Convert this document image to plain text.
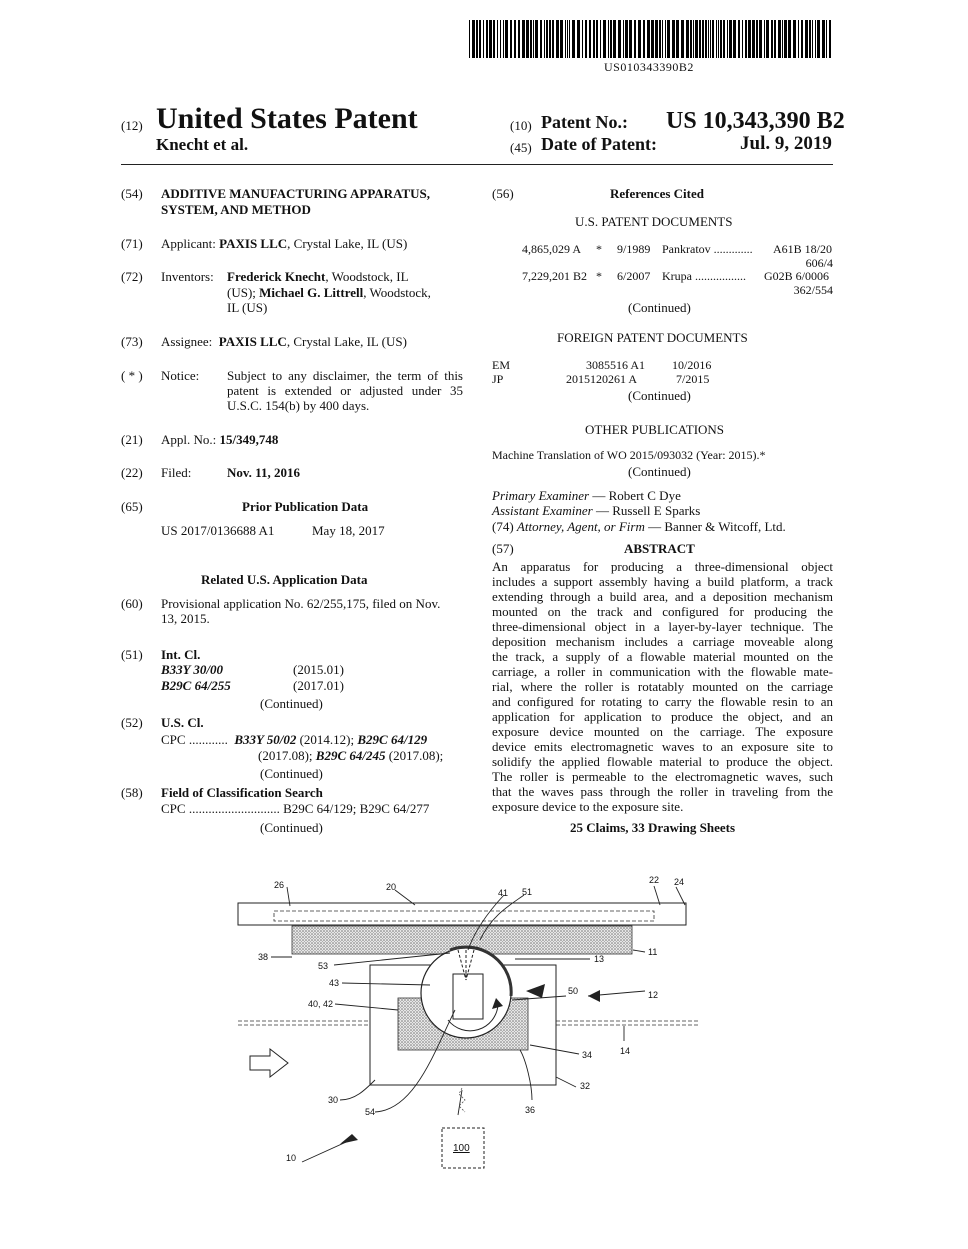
US010343390B2
(12) United States Patent
Knecht et al.
(10) Patent No.: US 10,343,390 B2
(45) Date of Patent:	Jul. 9, 2019
(54) ADDITIVE MANUFACTURING APPARATUS,
SYSTEM, AND METHOD
(71) Applicant: PAXIS LLC, Crystal Lake, IL (US)
(72) Inventors: Frederick Knecht, Woodstock, IL
(US); Michael G. Littrell, Woodstock,
IL (US)
(73) Assignee: PAXIS LLC, Crystal Lake, IL (US)
( * ) Notice: Subject to any disclaimer, the term of this
patent is extended or adjusted under 35
U.S.C. 154(b) by 400 days.
(21) Appl. No.: 15/349,748
(22) Filed:	Nov. 11, 2016
(65)	Prior Publication Data
US 2017/0136688 A1	May 18, 2017
Related U.S. Application Data
(60) Provisional application No. 62/255,175, filed on Nov.
13, 2015.
(51) Int. Cl.
B33Y 30/00	(2015.01)
B29C 64/255	(2017.01)
(Continued)
(52) U.S. Cl.
CPC ............ B33Y 50/02 (2014.12); B29C 64/129
(2017.08); B29C 64/245 (2017.08);
(Continued)
(58) Field of Classification Search
CPC ............................ B29C 64/129; B29C 64/277
(Continued)
(56)	References Cited
U.S. PATENT DOCUMENTS
4,865,029 A * 9/1989 Pankratov ............. A61B 18/20
606/4
7,229,201 B2 * 6/2007 Krupa ................. G02B 6/0006
362/554
(Continued)
FOREIGN PATENT DOCUMENTS
EM	3085516 A1 10/2016
JP	2015120261 A	7/2015
(Continued)
OTHER PUBLICATIONS
Machine Translation of WO 2015/093032 (Year: 2015).*
(Continued)
Primary Examiner — Robert C Dye
Assistant Examiner — Russell E Sparks
(74) Attorney, Agent, or Firm — Banner & Witcoff, Ltd.
(57)	ABSTRACT
An apparatus for producing a three-dimensional object
includes a support assembly having a build platform, a track
extending through a build area, and a deposition mechanism
mounted on the track and configured for producing the
three-dimensional object in a layer-by-layer technique. The
deposition mechanism includes a carriage moveable along
the track, a supply of a flowable material mounted on the
carriage, a roller in communication with the flowable mate-
rial, where the roller is rotatably mounted on the carriage
and configured for rotating to carry the flowable resin to an
application for application to produce the object, and an
exposure device mounted on the carriage. The exposure
device emits electromagnetic waves to an exposure site to
solidify the applied flowable material to produce the object.
The roller is permeable to the electromagnetic waves, such
that the waves pass through the roller in traveling from the
exposure device to the exposure site.
25 Claims, 33 Drawing Sheets
26	20
41 51
22 24
11
38
53
13
43
50	12
40, 42
14
34
32
30
54	36
10
100
